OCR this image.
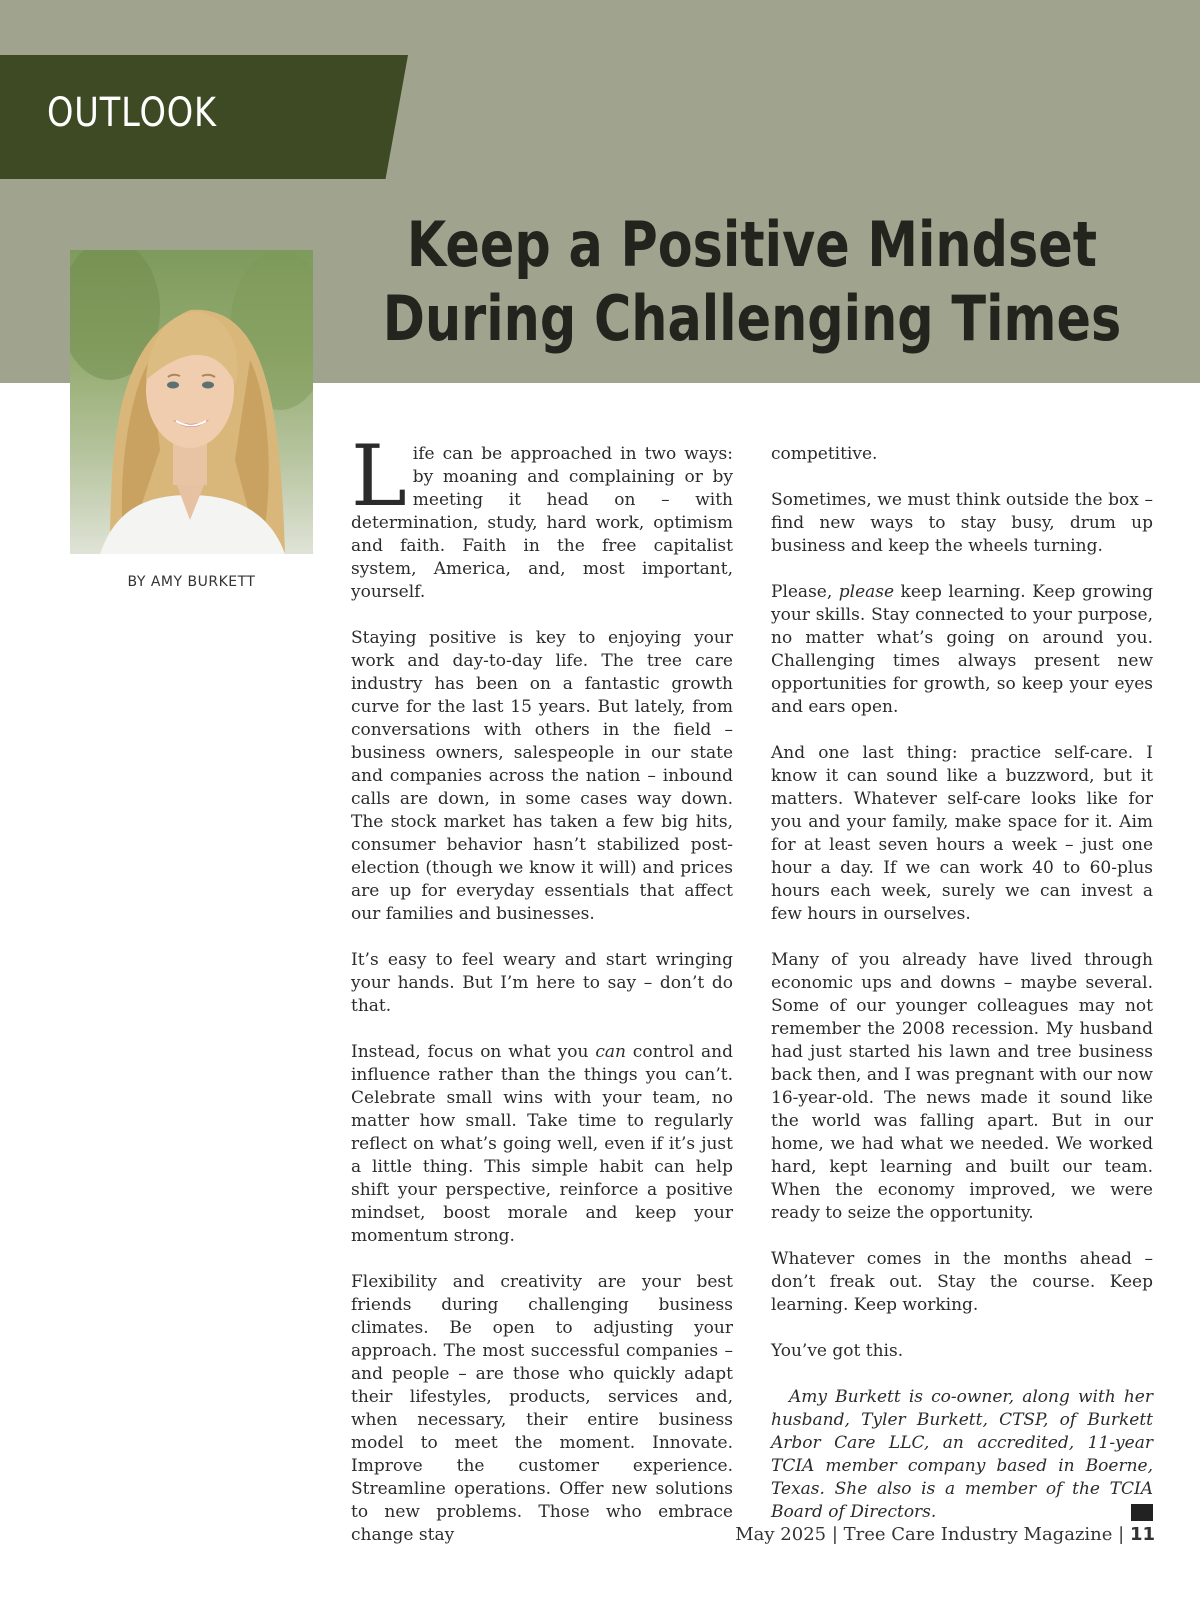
OUTLOOK
Keep a Positive Mindset
During Challenging Times
BY AMY BURKETT

Life can be approached in two ways: by moaning and complaining or by meeting it head on – with determination, study, hard work, optimism and faith. Faith in the free capitalist system, America, and, most important, yourself.

Staying positive is key to enjoying your work and day-to-day life. The tree care industry has been on a fantastic growth curve for the last 15 years. But lately, from conversations with others in the field – business owners, salespeople in our state and companies across the nation – inbound calls are down, in some cases way down. The stock market has taken a few big hits, consumer behavior hasn’t stabilized post-election (though we know it will) and prices are up for everyday essentials that affect our families and businesses.

It’s easy to feel weary and start wringing your hands. But I’m here to say – don’t do that.

Instead, focus on what you can control and influence rather than the things you can’t. Celebrate small wins with your team, no matter how small. Take time to regularly reflect on what’s going well, even if it’s just a little thing. This simple habit can help shift your perspective, reinforce a positive mindset, boost morale and keep your momentum strong.

Flexibility and creativity are your best friends during challenging business climates. Be open to adjusting your approach. The most successful companies – and people – are those who quickly adapt their lifestyles, products, services and, when necessary, their entire business model to meet the moment. Innovate. Improve the customer experience. Streamline operations. Offer new solutions to new problems. Those who embrace change stay

competitive.

Sometimes, we must think outside the box – find new ways to stay busy, drum up business and keep the wheels turning.

Please, please keep learning. Keep growing your skills. Stay connected to your purpose, no matter what’s going on around you. Challenging times always present new opportunities for growth, so keep your eyes and ears open.

And one last thing: practice self-care. I know it can sound like a buzzword, but it matters. Whatever self-care looks like for you and your family, make space for it. Aim for at least seven hours a week – just one hour a day. If we can work 40 to 60-plus hours each week, surely we can invest a few hours in ourselves.

Many of you already have lived through economic ups and downs – maybe several. Some of our younger colleagues may not remember the 2008 recession. My husband had just started his lawn and tree business back then, and I was pregnant with our now 16-year-old. The news made it sound like the world was falling apart. But in our home, we had what we needed. We worked hard, kept learning and built our team. When the economy improved, we were ready to seize the opportunity.

Whatever comes in the months ahead – don’t freak out. Stay the course. Keep learning. Keep working.

You’ve got this.

Amy Burkett is co-owner, along with her husband, Tyler Burkett, CTSP, of Burkett Arbor Care LLC, an accredited, 11-year TCIA member company based in Boerne, Texas. She also is a member of the TCIA Board of Directors.

May 2025 | Tree Care Industry Magazine | 11
